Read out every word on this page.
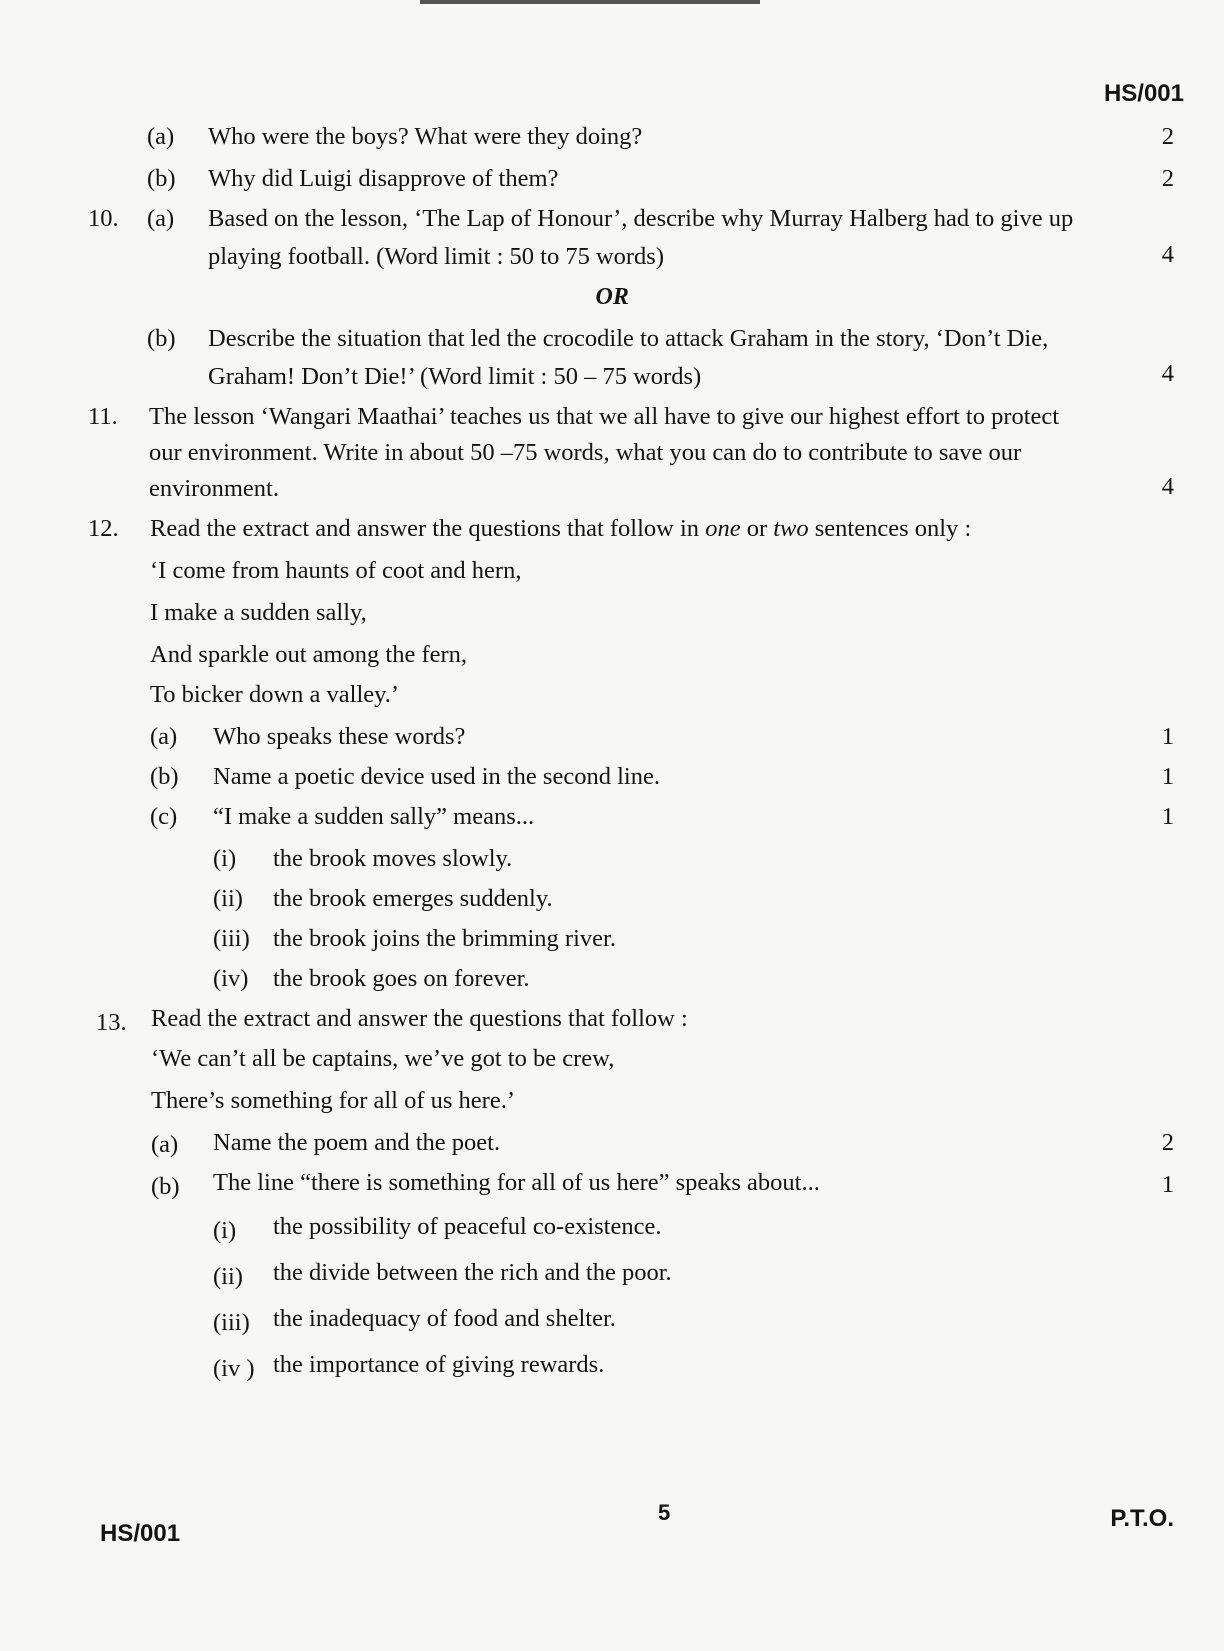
HS/001
(a) Who were the boys? What were they doing?	2
(b) Why did Luigi disapprove of them?	2
10. (a) Based on the lesson, ‘The Lap of Honour’, describe why Murray Halberg had to give up
playing football. (Word limit : 50 to 75 words)	4
OR
(b) Describe the situation that led the crocodile to attack Graham in the story, ‘Don’t Die,
Graham! Don’t Die!’ (Word limit : 50 – 75 words)	4
11. The lesson ‘Wangari Maathai’ teaches us that we all have to give our highest effort to protect
our environment. Write in about 50 –75 words, what you can do to contribute to save our
environment.	4
12. Read the extract and answer the questions that follow in one or two sentences only :
‘I come from haunts of coot and hern,
I make a sudden sally,
And sparkle out among the fern,
To bicker down a valley.’
(a) Who speaks these words?	1
(b) Name a poetic device used in the second line.	1
(c) “I make a sudden sally” means...	1
(i) the brook moves slowly.
(ii) the brook emerges suddenly.
(iii) the brook joins the brimming river.
(iv) the brook goes on forever.
13. Read the extract and answer the questions that follow :
‘We can’t all be captains, we’ve got to be crew,
There’s something for all of us here.’
(a) Name the poem and the poet.	2
(b) The line “there is something for all of us here” speaks about...	1
(i) the possibility of peaceful co-existence.
(ii) the divide between the rich and the poor.
(iii) the inadequacy of food and shelter.
(iv ) the importance of giving rewards.
HS/001
5	P.T.O.
